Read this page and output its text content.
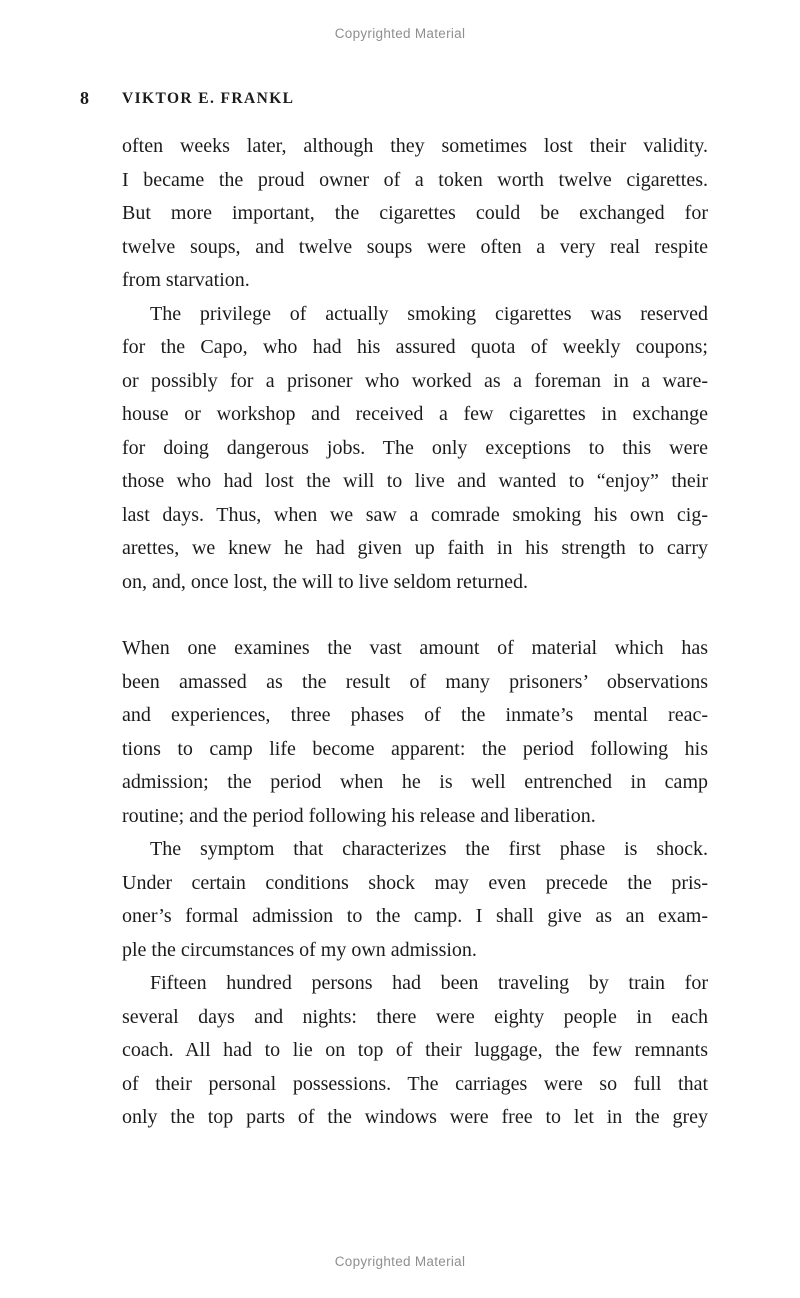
Copyrighted Material
8 VIKTOR E. FRANKL
often weeks later, although they sometimes lost their validity.
I became the proud owner of a token worth twelve cigarettes.
But more important, the cigarettes could be exchanged for
twelve soups, and twelve soups were often a very real respite
from starvation.
The privilege of actually smoking cigarettes was reserved
for the Capo, who had his assured quota of weekly coupons;
or possibly for a prisoner who worked as a foreman in a ware-
house or workshop and received a few cigarettes in exchange
for doing dangerous jobs. The only exceptions to this were
those who had lost the will to live and wanted to “enjoy” their
last days. Thus, when we saw a comrade smoking his own cig-
arettes, we knew he had given up faith in his strength to carry
on, and, once lost, the will to live seldom returned.
When one examines the vast amount of material which has
been amassed as the result of many prisoners’ observations
and experiences, three phases of the inmate’s mental reac-
tions to camp life become apparent: the period following his
admission; the period when he is well entrenched in camp
routine; and the period following his release and liberation.
The symptom that characterizes the first phase is shock.
Under certain conditions shock may even precede the pris-
oner’s formal admission to the camp. I shall give as an exam-
ple the circumstances of my own admission.
Fifteen hundred persons had been traveling by train for
several days and nights: there were eighty people in each
coach. All had to lie on top of their luggage, the few remnants
of their personal possessions. The carriages were so full that
only the top parts of the windows were free to let in the grey
Copyrighted Material
